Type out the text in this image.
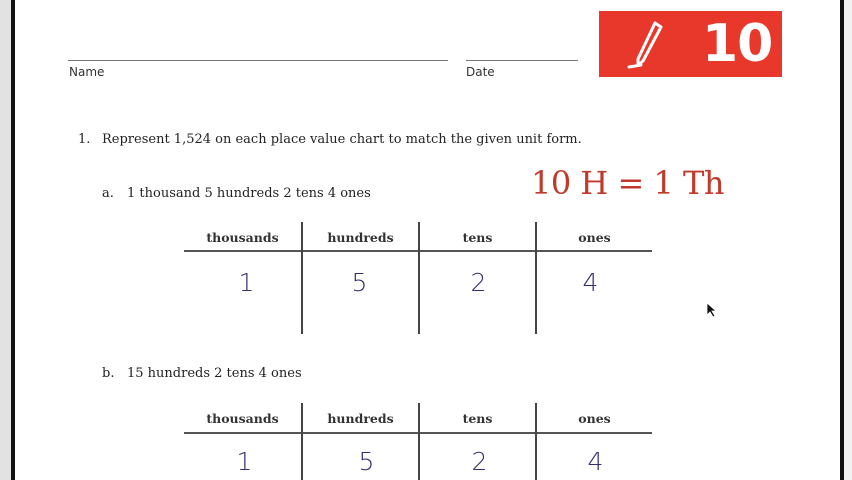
Name	Date	10
1. Represent 1,524 on each place value chart to match the given unit form.
10 H = 1 Th
a. 1 thousand 5 hundreds 2 tens 4 ones
thousands	hundreds	tens	ones
1	5	2	4
b. 15 hundreds 2 tens 4 ones
thousands	hundreds	tens	ones
1	5	2	4
